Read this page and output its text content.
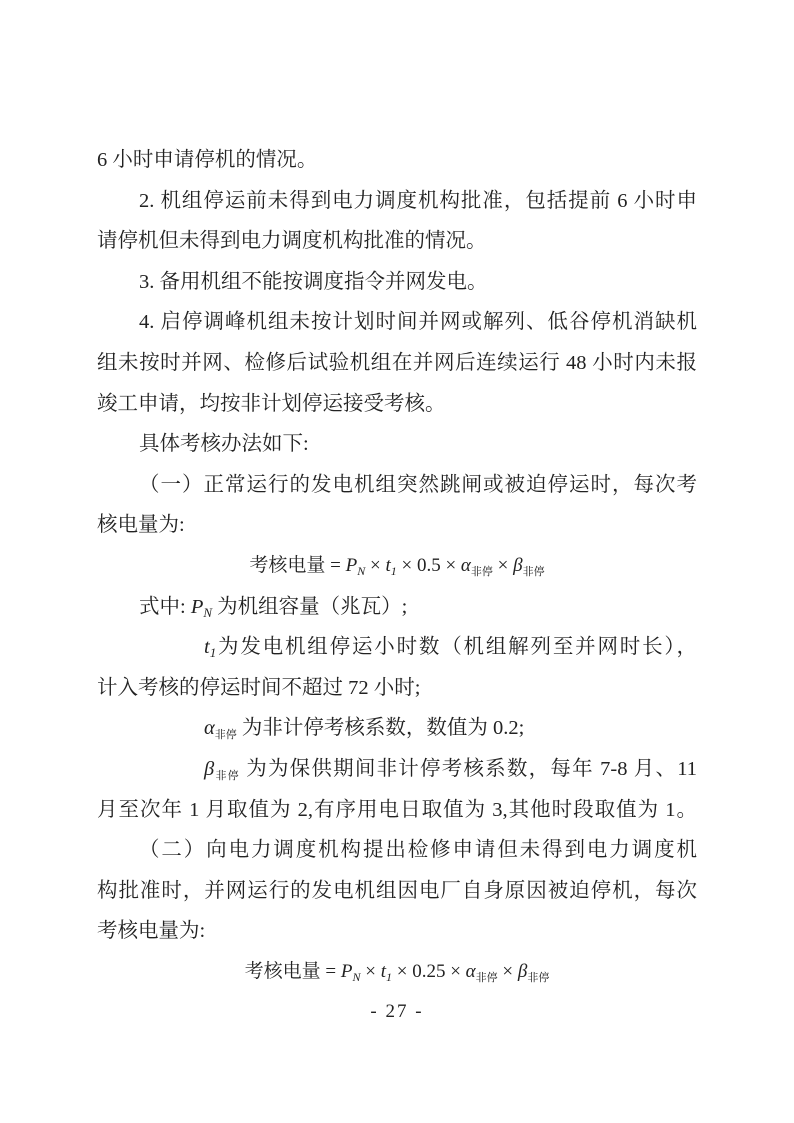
6 小时申请停机的情况。
2. 机组停运前未得到电力调度机构批准，包括提前 6 小时申
请停机但未得到电力调度机构批准的情况。
3. 备用机组不能按调度指令并网发电。
4. 启停调峰机组未按计划时间并网或解列、低谷停机消缺机
组未按时并网、检修后试验机组在并网后连续运行 48 小时内未报
竣工申请，均按非计划停运接受考核。
具体考核办法如下:
（一）正常运行的发电机组突然跳闸或被迫停运时，每次考
核电量为:
考核电量 = $P_N \times t_1 \times 0.5 \times \alpha_{非停} \times \beta_{非停}$
式中: PN 为机组容量（兆瓦）;
t1为发电机组停运小时数（机组解列至并网时长），
计入考核的停运时间不超过 72 小时;
α非停 为非计停考核系数，数值为 0.2;
β非停 为为保供期间非计停考核系数，每年 7-8 月、11
月至次年 1 月取值为 2,有序用电日取值为 3,其他时段取值为 1。
（二）向电力调度机构提出检修申请但未得到电力调度机
构批准时，并网运行的发电机组因电厂自身原因被迫停机，每次
考核电量为:
考核电量 = $P_N \times t_1 \times 0.25 \times \alpha_{非停} \times \beta_{非停}$
- 27 -
